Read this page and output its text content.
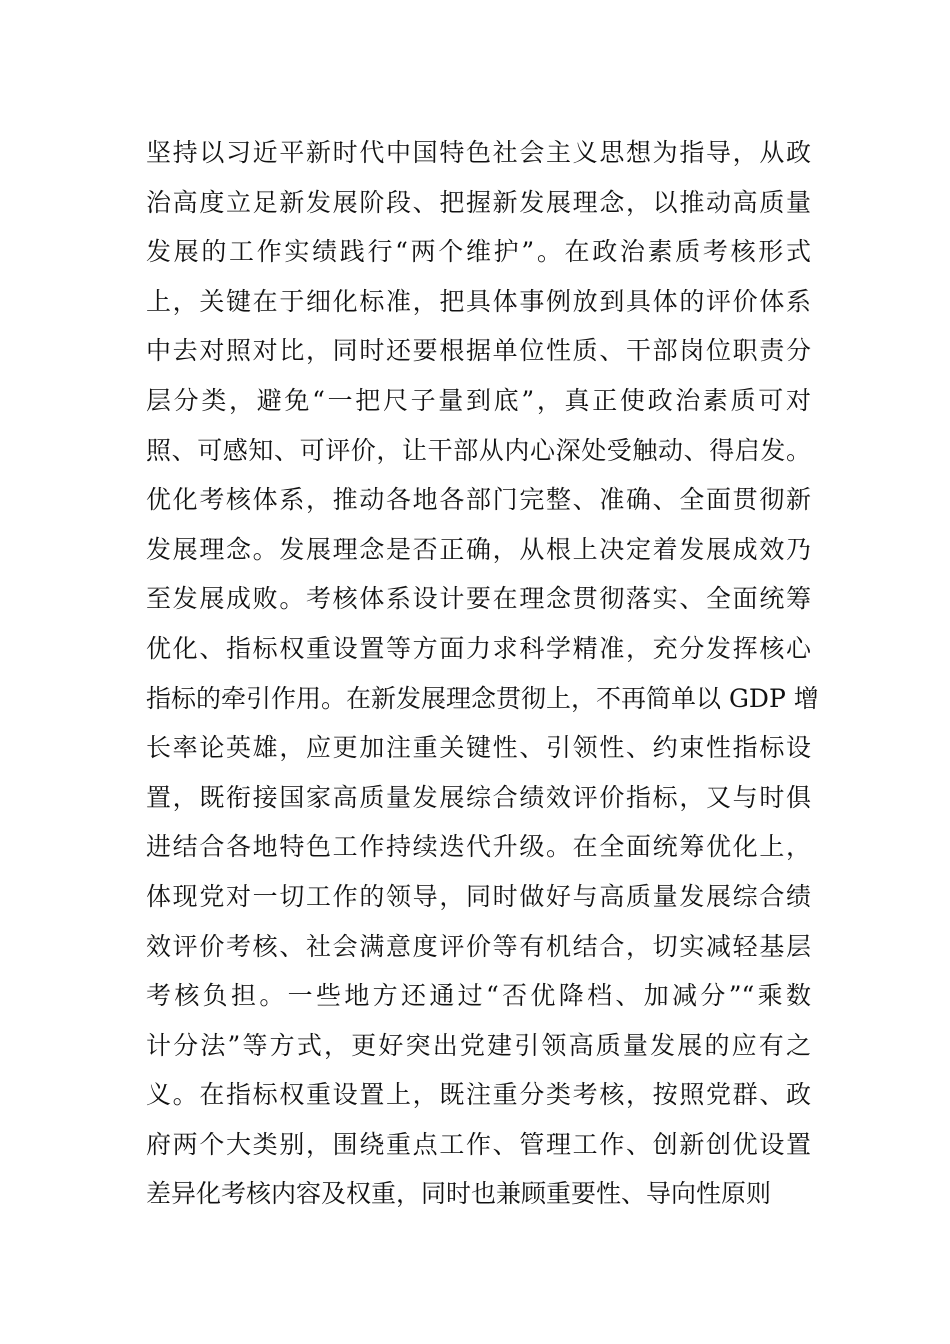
坚持以习近平新时代中国特色社会主义思想为指导，从政
治高度立足新发展阶段、把握新发展理念，以推动高质量
发展的工作实绩践行“两个维护”。在政治素质考核形式
上，关键在于细化标准，把具体事例放到具体的评价体系
中去对照对比，同时还要根据单位性质、干部岗位职责分
层分类，避免“一把尺子量到底”，真正使政治素质可对
照、可感知、可评价，让干部从内心深处受触动、得启发。
优化考核体系，推动各地各部门完整、准确、全面贯彻新
发展理念。发展理念是否正确，从根上决定着发展成效乃
至发展成败。考核体系设计要在理念贯彻落实、全面统筹
优化、指标权重设置等方面力求科学精准，充分发挥核心
指标的牵引作用。在新发展理念贯彻上，不再简单以 GDP 增
长率论英雄，应更加注重关键性、引领性、约束性指标设
置，既衔接国家高质量发展综合绩效评价指标，又与时俱
进结合各地特色工作持续迭代升级。在全面统筹优化上，
体现党对一切工作的领导，同时做好与高质量发展综合绩
效评价考核、社会满意度评价等有机结合，切实减轻基层
考核负担。一些地方还通过“否优降档、加减分”“乘数
计分法”等方式，更好突出党建引领高质量发展的应有之
义。在指标权重设置上，既注重分类考核，按照党群、政
府两个大类别，围绕重点工作、管理工作、创新创优设置
差异化考核内容及权重，同时也兼顾重要性、导向性原则
